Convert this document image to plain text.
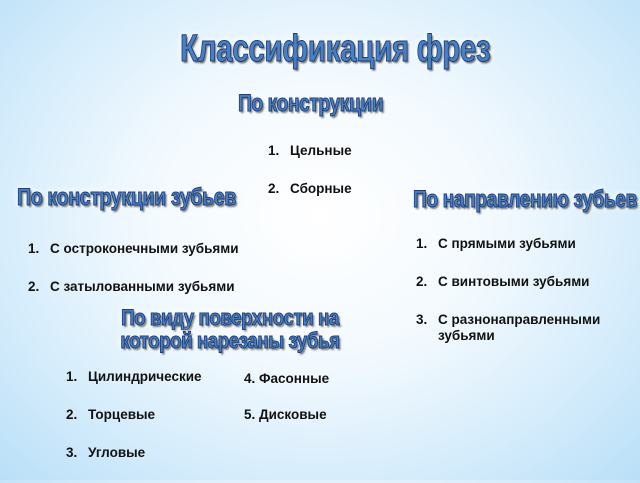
Классификация фрез
По конструкции
1. Цельные
2. Сборные
По конструкции зубьев
1. С остроконечными зубьями
2. С затылованными зубьями
По направлению зубьев
1. С прямыми зубьями
2. С винтовыми зубьями
3. С разнонаправленными зубьями
По виду поверхности на
которой нарезаны зубья
1. Цилиндрические
2. Торцевые
3. Угловые
4. Фасонные
5. Дисковые
